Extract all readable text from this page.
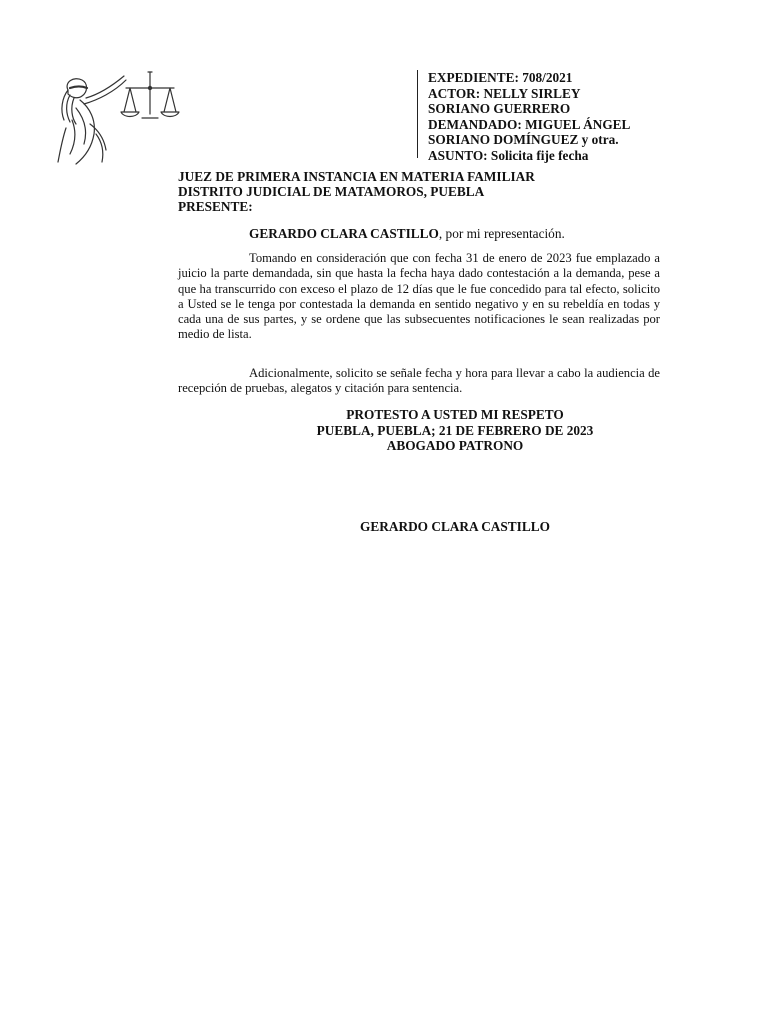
EXPEDIENTE: 708/2021
ACTOR: NELLY SIRLEY
SORIANO GUERRERO
DEMANDADO: MIGUEL ÁNGEL
SORIANO DOMÍNGUEZ y otra.
ASUNTO: Solicita fije fecha
JUEZ DE PRIMERA INSTANCIA EN MATERIA FAMILIAR
DISTRITO JUDICIAL DE MATAMOROS, PUEBLA
PRESENTE:
GERARDO CLARA CASTILLO, por mi representación.
Tomando en consideración que con fecha 31 de enero de 2023 fue emplazado a juicio la parte demandada, sin que hasta la fecha haya dado contestación a la demanda, pese a que ha transcurrido con exceso el plazo de 12 días que le fue concedido para tal efecto, solicito a Usted se le tenga por contestada la demanda en sentido negativo y en su rebeldía en todas y cada una de sus partes, y se ordene que las subsecuentes notificaciones le sean realizadas por medio de lista.
Adicionalmente, solicito se señale fecha y hora para llevar a cabo la audiencia de recepción de pruebas, alegatos y citación para sentencia.
PROTESTO A USTED MI RESPETO
PUEBLA, PUEBLA; 21 DE FEBRERO DE 2023
ABOGADO PATRONO
GERARDO CLARA CASTILLO
